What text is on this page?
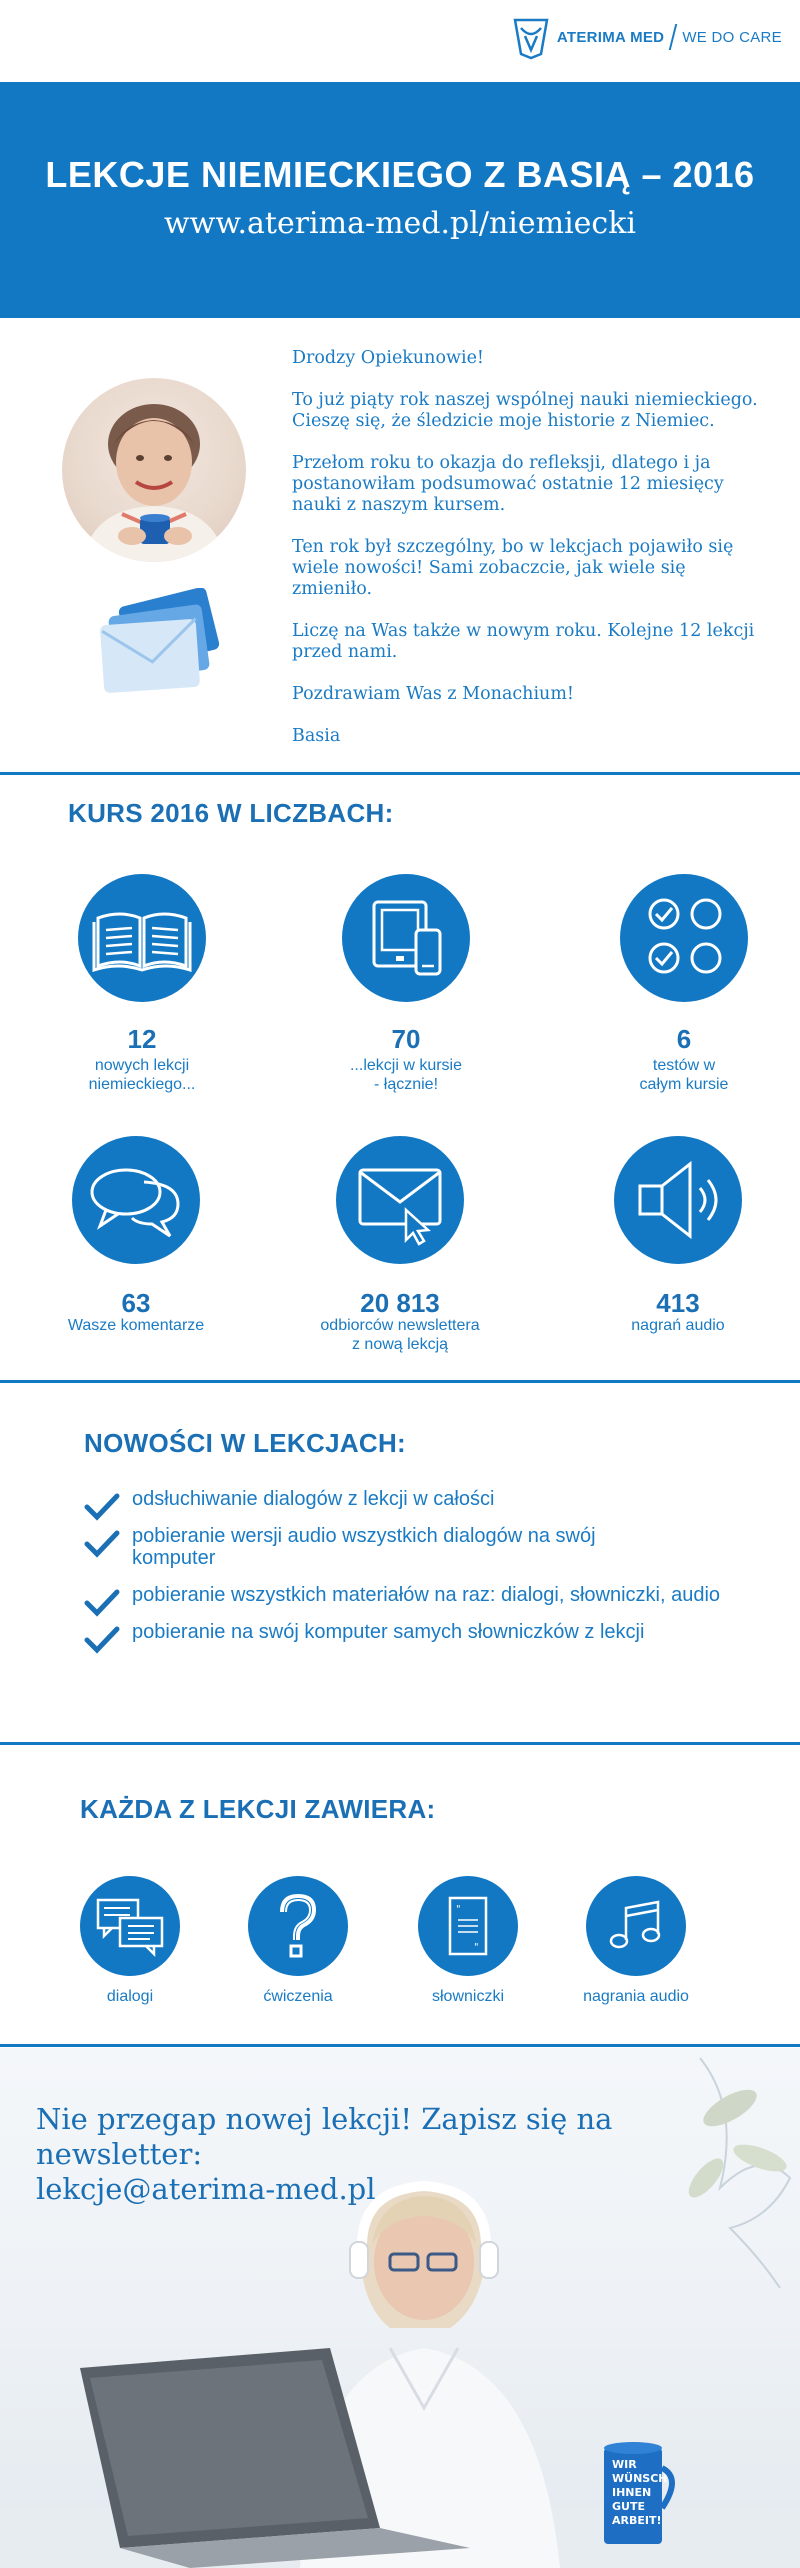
ATERIMA MED WE DO CARE
LEKCJE NIEMIECKIEGO Z BASIĄ – 2016
www.aterima-med.pl/niemiecki

Drodzy Opiekunowie!

To już piąty rok naszej wspólnej nauki niemieckiego. Cieszę się, że śledzicie moje historie z Niemiec.

Przełom roku to okazja do refleksji, dlatego i ja postanowiłam podsumować ostatnie 12 miesięcy nauki z naszym kursem.

Ten rok był szczególny, bo w lekcjach pojawiło się wiele nowości! Sami zobaczcie, jak wiele się zmieniło.

Liczę na Was także w nowym roku. Kolejne 12 lekcji przed nami.

Pozdrawiam Was z Monachium!

Basia

KURS 2016 W LICZBACH:
12
nowych lekcji niemieckiego...
70
...lekcji w kursie - łącznie!
6
testów w całym kursie
63
Wasze komentarze
20 813
odbiorców newslettera z nową lekcją
413
nagrań audio
NOWOŚCI W LEKCJACH:
odsłuchiwanie dialogów z lekcji w całości
pobieranie wersji audio wszystkich dialogów na swój komputer
pobieranie wszystkich materiałów na raz: dialogi, słowniczki, audio
pobieranie na swój komputer samych słowniczków z lekcji
KAŻDA Z LEKCJI ZAWIERA:
dialogi	ćwiczenia
"
"
słowniczki	nagrania audio
WIR
WÜNSCH
IHNEN
GUTE
ARBEIT!
Nie przegap nowej lekcji! Zapisz się na newsletter:
lekcje@aterima-med.pl
